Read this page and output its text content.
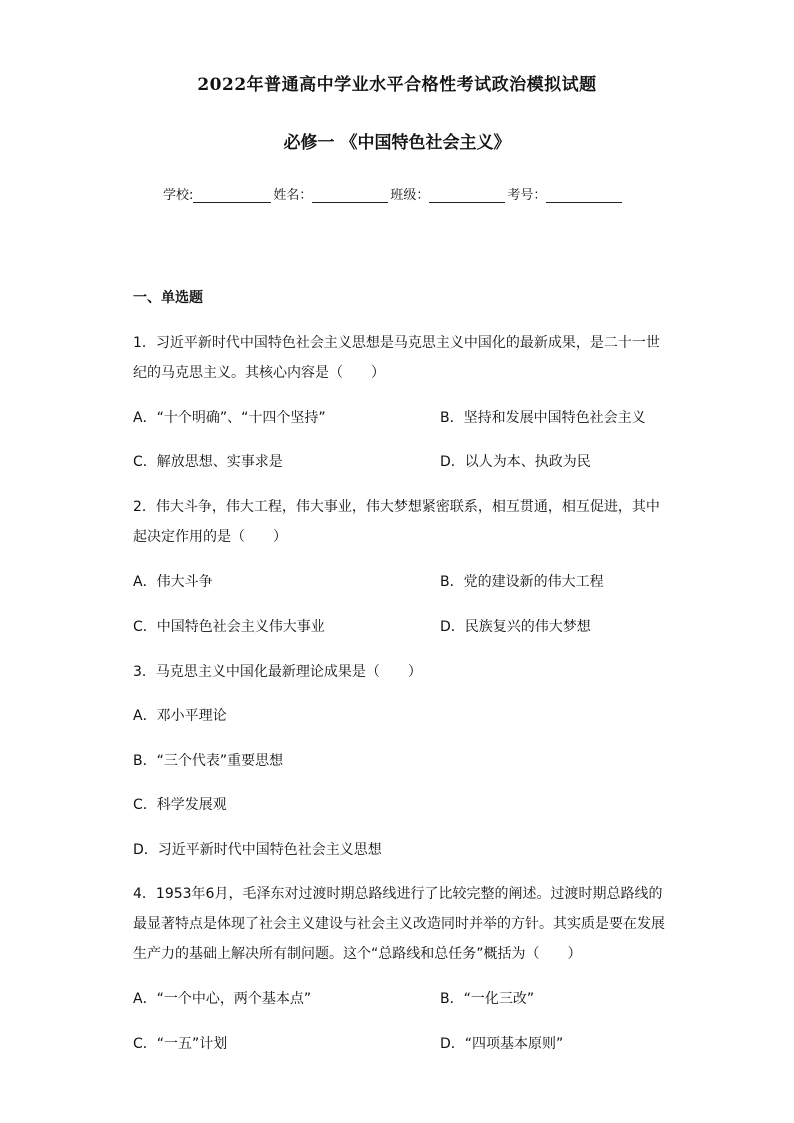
2022年普通高中学业水平合格性考试政治模拟试题
必修一 《中国特色社会主义》
学校:	姓名：	班级：	考号：
一、单选题
1．习近平新时代中国特色社会主义思想是马克思主义中国化的最新成果，是二十一世
纪的马克思主义。其核心内容是（　　）
A．“十个明确”、“十四个坚持”	B．坚持和发展中国特色社会主义
C．解放思想、实事求是	D．以人为本、执政为民
2．伟大斗争，伟大工程，伟大事业，伟大梦想紧密联系，相互贯通，相互促进，其中
起决定作用的是（　　）
A．伟大斗争	B．党的建设新的伟大工程
C．中国特色社会主义伟大事业	D．民族复兴的伟大梦想
3．马克思主义中国化最新理论成果是（　　）
A．邓小平理论
B．“三个代表”重要思想
C．科学发展观
D．习近平新时代中国特色社会主义思想
4．1953年6月，毛泽东对过渡时期总路线进行了比较完整的阐述。过渡时期总路线的
最显著特点是体现了社会主义建设与社会主义改造同时并举的方针。其实质是要在发展
生产力的基础上解决所有制问题。这个“总路线和总任务”概括为（　　）
A．“一个中心，两个基本点”	B．“一化三改”
C．“一五”计划	D．“四项基本原则”
